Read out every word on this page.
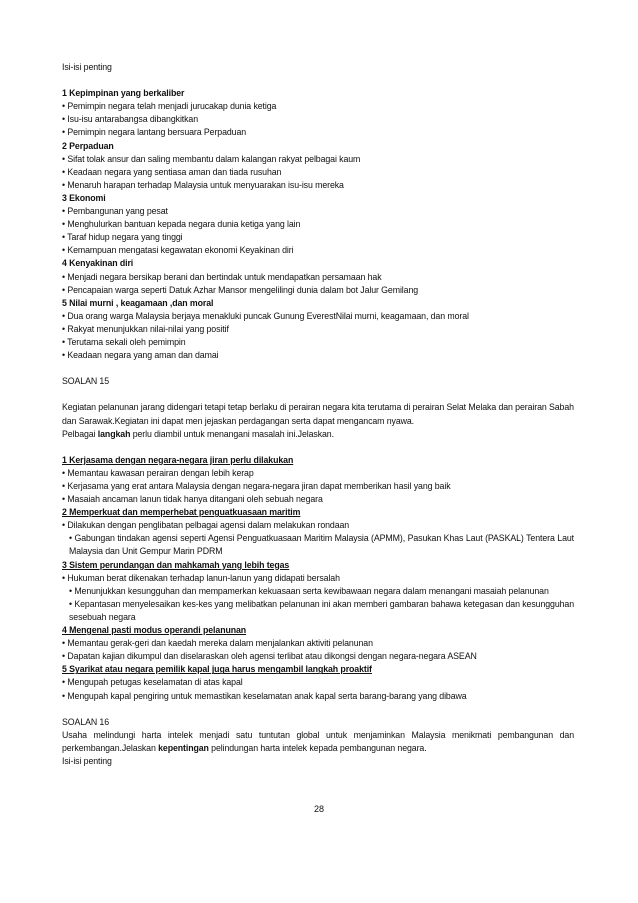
Isi-isi penting
1 Kepimpinan yang berkaliber
• Pemimpin negara telah menjadi jurucakap dunia ketiga
• Isu-isu antarabangsa dibangkitkan
• Pemimpin negara lantang bersuara Perpaduan
2 Perpaduan
• Sifat tolak ansur dan saling membantu dalam kalangan rakyat pelbagai kaum
• Keadaan negara yang sentiasa aman dan tiada rusuhan
• Menaruh harapan terhadap Malaysia untuk menyuarakan isu-isu mereka
3 Ekonomi
• Pembangunan yang pesat
• Menghulurkan bantuan kepada negara dunia ketiga yang lain
• Taraf hidup negara yang tinggi
• Kemampuan mengatasi kegawatan ekonomi Keyakinan diri
4 Kenyakinan diri
• Menjadi negara bersikap berani dan bertindak untuk mendapatkan persamaan hak
• Pencapaian warga seperti Datuk Azhar Mansor mengelilingi dunia dalam bot Jalur Gemilang
5 Nilai murni , keagamaan ,dan moral
• Dua orang warga Malaysia berjaya menakluki puncak Gunung EverestNilai murni, keagamaan, dan moral
• Rakyat menunjukkan nilai-nilai yang positif
• Terutama sekali oleh pemimpin
• Keadaan negara yang aman dan damai
SOALAN 15
Kegiatan pelanunan jarang didengari tetapi tetap berlaku di perairan negara kita terutama di perairan Selat Melaka dan perairan Sabah dan Sarawak.Kegiatan ini dapat men jejaskan perdagangan serta dapat mengancam nyawa.
Pelbagai langkah perlu diambil untuk menangani masalah ini.Jelaskan.
1 Kerjasama dengan negara-negara jiran perlu dilakukan
• Memantau kawasan perairan dengan lebih kerap
• Kerjasama yang erat antara Malaysia dengan negara-negara jiran dapat memberikan hasil yang baik
• Masaiah ancaman lanun tidak hanya ditangani oleh sebuah negara
2 Memperkuat dan memperhebat penguatkuasaan maritim
• Dilakukan dengan penglibatan pelbagai agensi dalam melakukan rondaan
• Gabungan tindakan agensi seperti Agensi Penguatkuasaan Maritim Malaysia (APMM), Pasukan Khas Laut (PASKAL) Tentera Laut Malaysia dan Unit Gempur Marin PDRM
3 Sistem perundangan dan mahkamah yang lebih tegas
• Hukuman berat dikenakan terhadap lanun-lanun yang didapati bersalah
• Menunjukkan kesungguhan dan mempamerkan kekuasaan serta kewibawaan negara dalam menangani masaiah pelanunan
• Kepantasan menyelesaikan kes-kes yang melibatkan pelanunan ini akan memberi gambaran bahawa ketegasan dan kesungguhan sesebuah negara
4 Mengenal pasti modus operandi pelanunan
• Memantau gerak-geri dan kaedah mereka dalam menjalankan aktiviti pelanunan
• Dapatan kajian dikumpul dan diselaraskan oleh agensi terlibat atau dikongsi dengan negara-negara ASEAN
5 Syarikat atau negara pemilik kapal juga harus mengambil langkah proaktif
• Mengupah petugas keselamatan di atas kapal
• Mengupah kapal pengiring untuk memastikan keselamatan anak kapal serta barang-barang yang dibawa
SOALAN 16
Usaha melindungi harta intelek menjadi satu tuntutan global untuk menjaminkan Malaysia menikmati pembangunan dan perkembangan.Jelaskan kepentingan pelindungan harta intelek kepada pembangunan negara.
Isi-isi penting
28
